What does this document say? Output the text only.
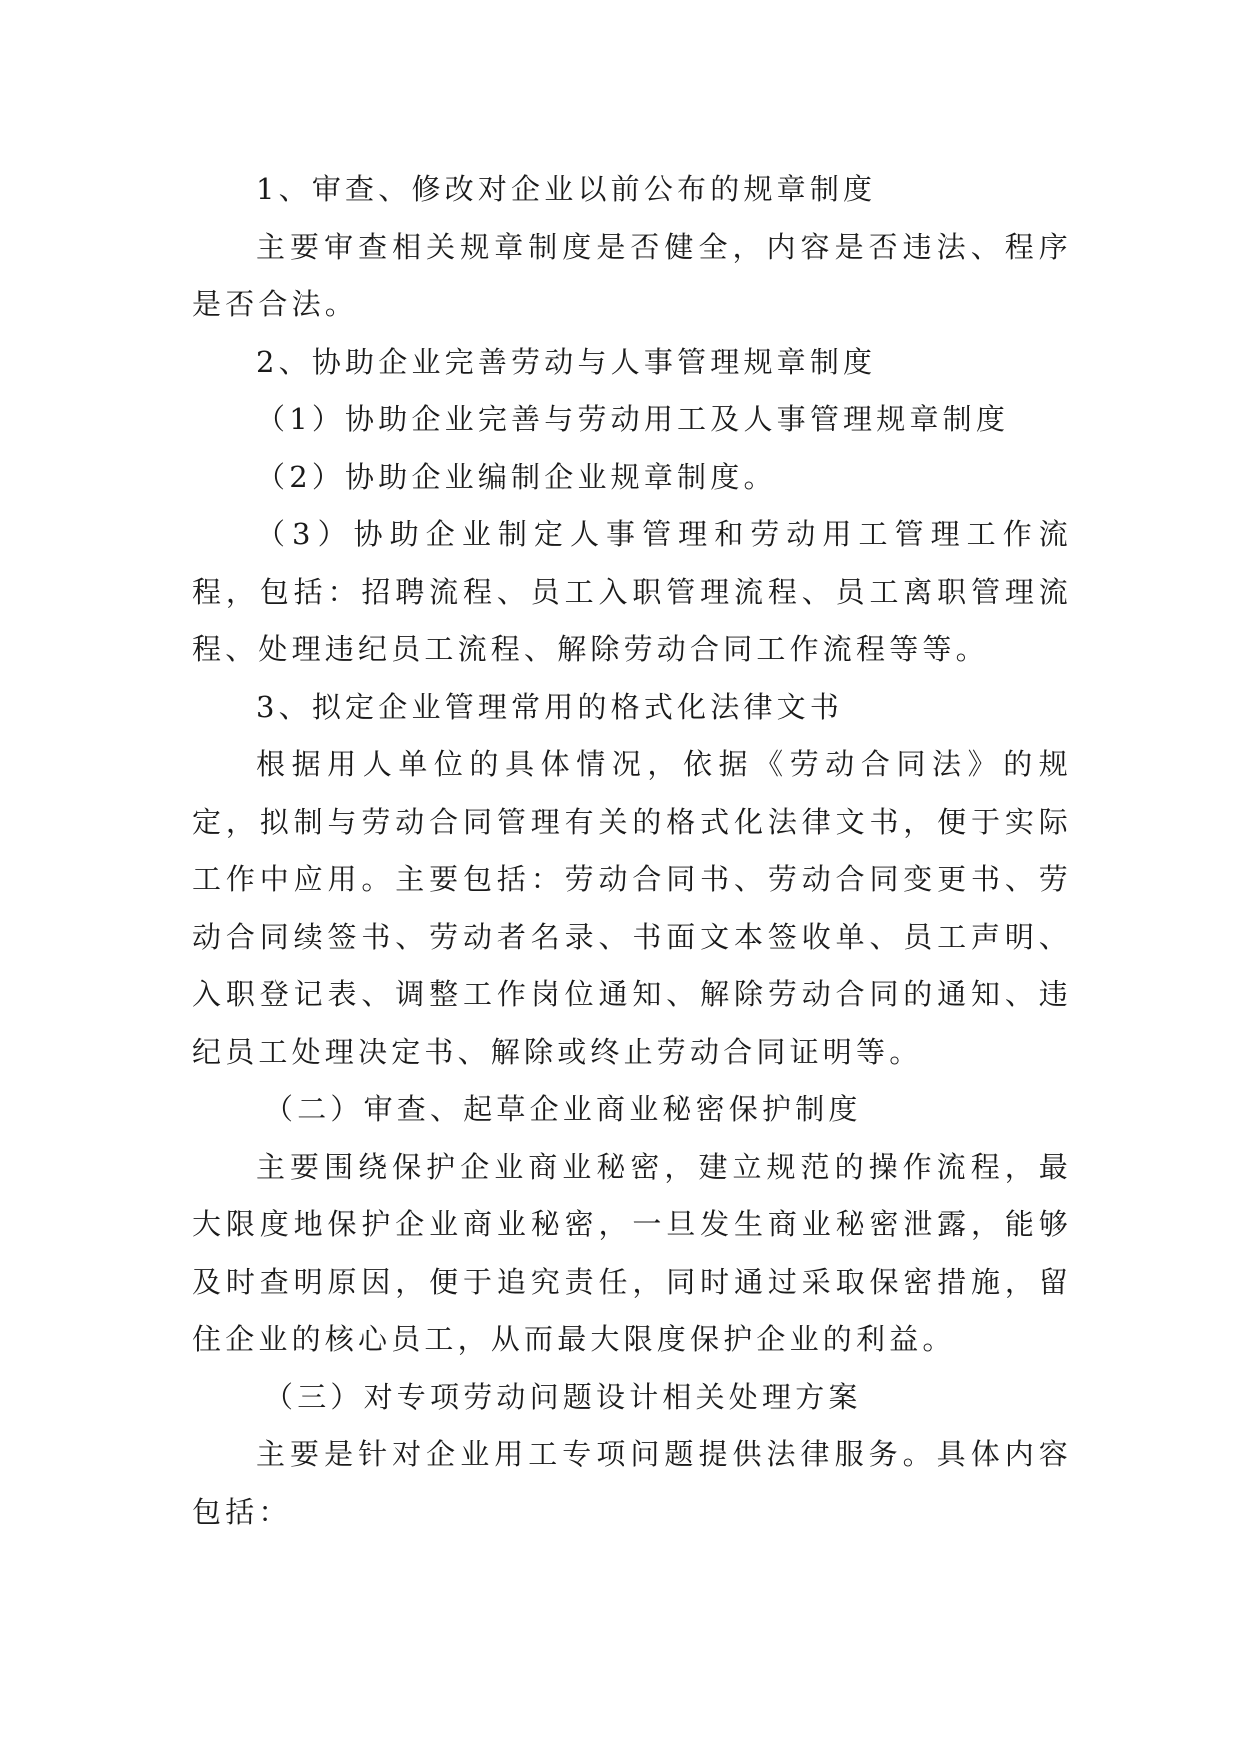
1、审查、修改对企业以前公布的规章制度

主要审查相关规章制度是否健全，内容是否违法、程序是否合法。

2、协助企业完善劳动与人事管理规章制度

（1）协助企业完善与劳动用工及人事管理规章制度

（2）协助企业编制企业规章制度。

（3）协助企业制定人事管理和劳动用工管理工作流程，包括：招聘流程、员工入职管理流程、员工离职管理流程、处理违纪员工流程、解除劳动合同工作流程等等。

3、拟定企业管理常用的格式化法律文书

根据用人单位的具体情况，依据《劳动合同法》的规定，拟制与劳动合同管理有关的格式化法律文书，便于实际工作中应用。主要包括：劳动合同书、劳动合同变更书、劳动合同续签书、劳动者名录、书面文本签收单、员工声明、入职登记表、调整工作岗位通知、解除劳动合同的通知、违纪员工处理决定书、解除或终止劳动合同证明等。

（二）审查、起草企业商业秘密保护制度

主要围绕保护企业商业秘密，建立规范的操作流程，最大限度地保护企业商业秘密，一旦发生商业秘密泄露，能够及时查明原因，便于追究责任，同时通过采取保密措施，留住企业的核心员工，从而最大限度保护企业的利益。

（三）对专项劳动问题设计相关处理方案

主要是针对企业用工专项问题提供法律服务。具体内容包括：
